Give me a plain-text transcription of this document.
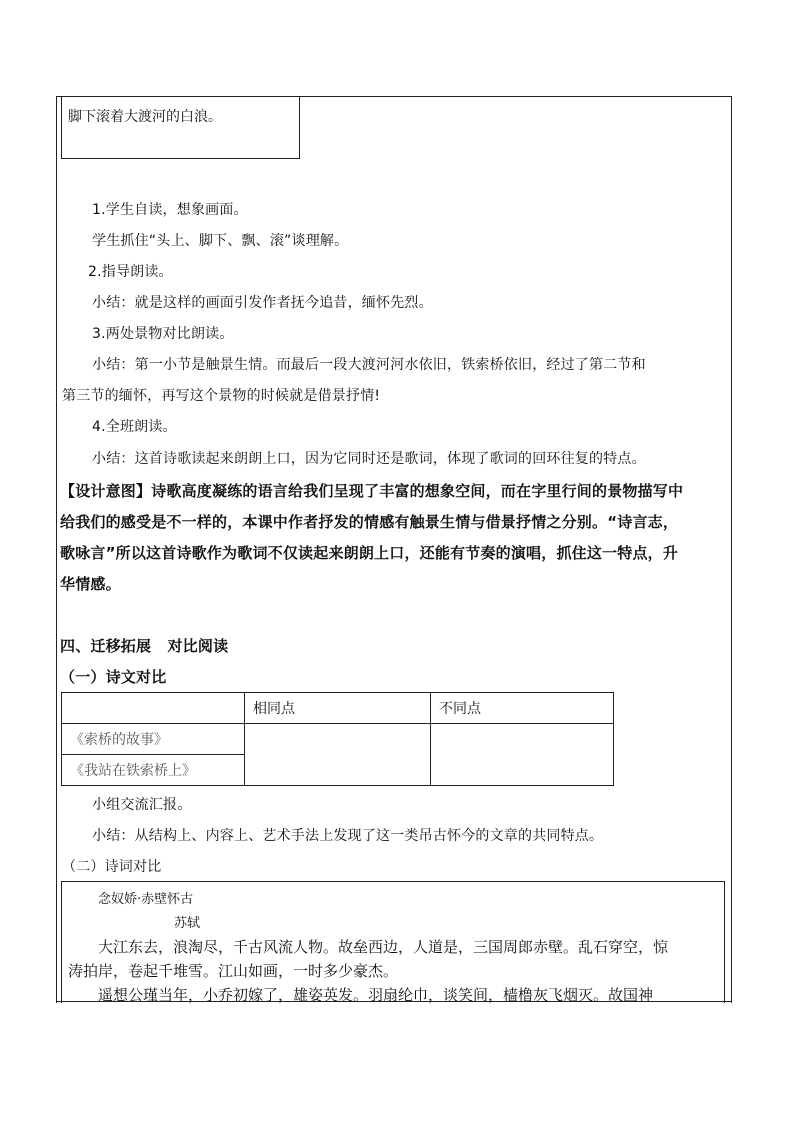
脚下滚着大渡河的白浪。
1.学生自读，想象画面。
学生抓住“头上、脚下、飘、滚”谈理解。
2.指导朗读。
小结：就是这样的画面引发作者抚今追昔，缅怀先烈。
3.两处景物对比朗读。
小结：第一小节是触景生情。而最后一段大渡河河水依旧，铁索桥依旧，经过了第二节和
第三节的缅怀，再写这个景物的时候就是借景抒情!
4.全班朗读。
小结：这首诗歌读起来朗朗上口，因为它同时还是歌词，体现了歌词的回环往复的特点。
【设计意图】诗歌高度凝练的语言给我们呈现了丰富的想象空间，而在字里行间的景物描写中
给我们的感受是不一样的，本课中作者抒发的情感有触景生情与借景抒情之分别。“诗言志，
歌咏言”所以这首诗歌作为歌词不仅读起来朗朗上口，还能有节奏的演唱，抓住这一特点，升
华情感。
四、迁移拓展   对比阅读
（一）诗文对比
	相同点	不同点
《索桥的故事》		
《我站在铁索桥上》		
小组交流汇报。
小结：从结构上、内容上、艺术手法上发现了这一类吊古怀今的文章的共同特点。
（二）诗词对比
念奴娇·赤壁怀古
苏轼
大江东去，浪淘尽，千古风流人物。故垒西边，人道是，三国周郎赤壁。乱石穿空，惊
涛拍岸，卷起千堆雪。江山如画，一时多少豪杰。
遥想公瑾当年，小乔初嫁了，雄姿英发。羽扇纶巾，谈笑间，樯橹灰飞烟灭。故国神
